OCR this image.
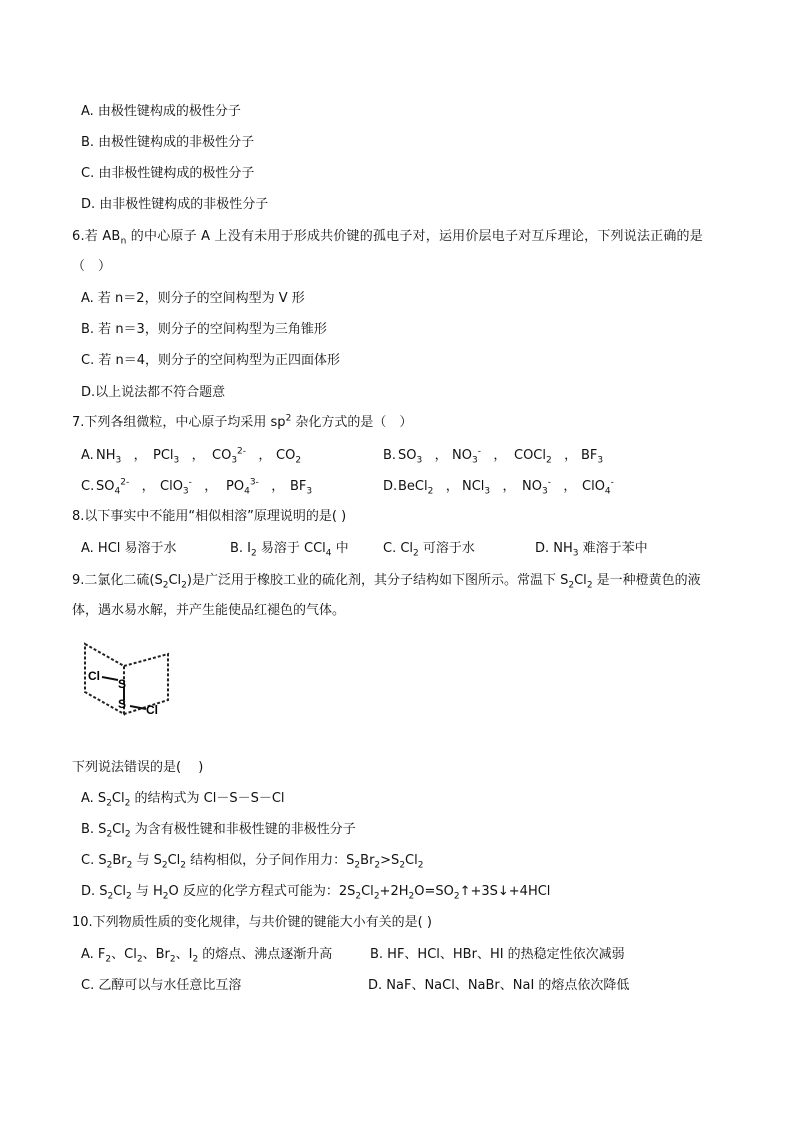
A. 由极性键构成的极性分子
B. 由极性键构成的非极性分子
C. 由非极性键构成的极性分子
D. 由非极性键构成的非极性分子
6.若 $AB_n$ 的中心原子 A 上没有未用于形成共价键的孤电子对，运用价层电子对互斥理论，下列说法正确的是
（　）
A. 若 n＝2，则分子的空间构型为 V 形
B. 若 n＝3，则分子的空间构型为三角锥形
C. 若 n＝4，则分子的空间构型为正四面体形
D.以上说法都不符合题意
7.下列各组微粒，中心原子均采用 $sp^2$ 杂化方式的是（　）
A. $NH_3$   ， PCl$_3$   ， $CO_3^{2-}$   ， $CO_2$	B. $SO_3$   ， $NO_3^-$   ， COCl$_2$   ， $BF_3$
C. $SO_4^{2-}$   ， ClO$_3$-   ， $PO_4^{3-}$   ， $BF_3$	D. BeCl$_2$   ， NCl$_3$   ， $NO_3^-$   ， ClO$_4$-
8.以下事实中不能用“相似相溶”原理说明的是( )
A. HCl 易溶于水	B. $I_2$ 易溶于 CCl$_4$ 中	C. $Cl_2$ 可溶于水	D. $NH_3$ 难溶于苯中
9.二氯化二硫$(S_2Cl_2)$是广泛用于橡胶工业的硫化剂，其分子结构如下图所示。常温下 $S_2Cl_2$ 是一种橙黄色的液
体，遇水易水解，并产生能使品红褪色的气体。
Cl
S
S Cl
下列说法错误的是(　 )
A. $S_2Cl_2$ 的结构式为 Cl－S－S－Cl
B. $S_2Cl_2$ 为含有极性键和非极性键的非极性分子
C. $S_2Br_2$ 与 $S_2Cl_2$ 结构相似，分子间作用力：$S_2Br_2>S_2Cl_2$
D. $S_2Cl_2$ 与 $H_2O$ 反应的化学方程式可能为：$2S_2Cl_2+2H_2O=SO_2↑+3S↓+4HCl$
10.下列物质性质的变化规律，与共价键的键能大小有关的是( )
A. $F_2$、$Cl_2$、$Br_2$、$I_2$ 的熔点、沸点逐渐升高	B. HF、HCl、HBr、HI 的热稳定性依次减弱
C. 乙醇可以与水任意比互溶	D. NaF、NaCl、NaBr、NaI 的熔点依次降低
